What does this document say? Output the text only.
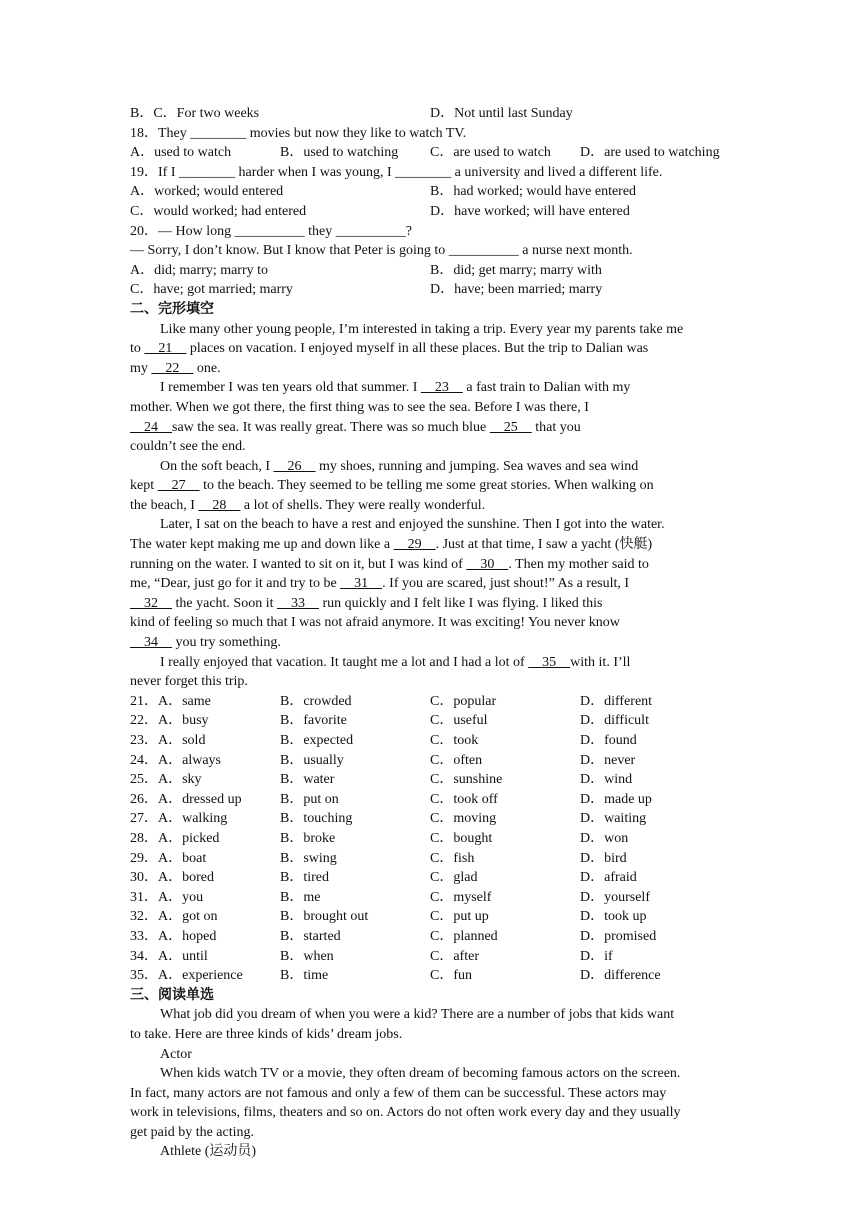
B．C．For two weeks	D．Not until last Sunday
18．They ________ movies but now they like to watch TV.
A．used to watch	B．used to watching	C．are used to watch	D．are used to watching
19．If I ________ harder when I was young, I ________ a university and lived a different life.
A．worked; would entered	B．had worked; would have entered
C．would worked; had entered	D．have worked; will have entered
20．— How long __________ they __________?
— Sorry, I don’t know. But I know that Peter is going to __________ a nurse next month.
A．did; marry; marry to	B．did; get marry; marry with
C．have; got married; marry	D．have; been married; marry
二、完形填空
Like many other young people, I’m interested in taking a trip. Every year my parents take me
to     21     places on vacation. I enjoyed myself in all these places. But the trip to Dalian was
my     22     one.
I remember I was ten years old that summer. I     23     a fast train to Dalian with my
mother. When we got there, the first thing was to see the sea. Before I was there, I
24    saw the sea. It was really great. There was so much blue     25     that you
couldn’t see the end.
On the soft beach, I     26     my shoes, running and jumping. Sea waves and sea wind
kept     27     to the beach. They seemed to be telling me some great stories. When walking on
the beach, I     28     a lot of shells. They were really wonderful.
Later, I sat on the beach to have a rest and enjoyed the sunshine. Then I got into the water.
The water kept making me up and down like a     29    . Just at that time, I saw a yacht (快艇)
running on the water. I wanted to sit on it, but I was kind of     30    . Then my mother said to
me, “Dear, just go for it and try to be     31    . If you are scared, just shout!” As a result, I
32     the yacht. Soon it     33     run quickly and I felt like I was flying. I liked this
kind of feeling so much that I was not afraid anymore. It was exciting! You never know
34     you try something.
I really enjoyed that vacation. It taught me a lot and I had a lot of     35    with it. I’ll
never forget this trip.
21．A．same	B．crowded	C．popular	D．different
22．A．busy	B．favorite	C．useful	D．difficult
23．A．sold	B．expected	C．took	D．found
24．A．always	B．usually	C．often	D．never
25．A．sky	B．water	C．sunshine	D．wind
26．A．dressed up	B．put on	C．took off	D．made up
27．A．walking	B．touching	C．moving	D．waiting
28．A．picked	B．broke	C．bought	D．won
29．A．boat	B．swing	C．fish	D．bird
30．A．bored	B．tired	C．glad	D．afraid
31．A．you	B．me	C．myself	D．yourself
32．A．got on	B．brought out	C．put up	D．took up
33．A．hoped	B．started	C．planned	D．promised
34．A．until	B．when	C．after	D．if
35．A．experience	B．time	C．fun	D．difference
三、阅读单选
What job did you dream of when you were a kid? There are a number of jobs that kids want
to take. Here are three kinds of kids’ dream jobs.
Actor
When kids watch TV or a movie, they often dream of becoming famous actors on the screen.
In fact, many actors are not famous and only a few of them can be successful. These actors may
work in televisions, films, theaters and so on. Actors do not often work every day and they usually
get paid by the acting.
Athlete (运动员)
